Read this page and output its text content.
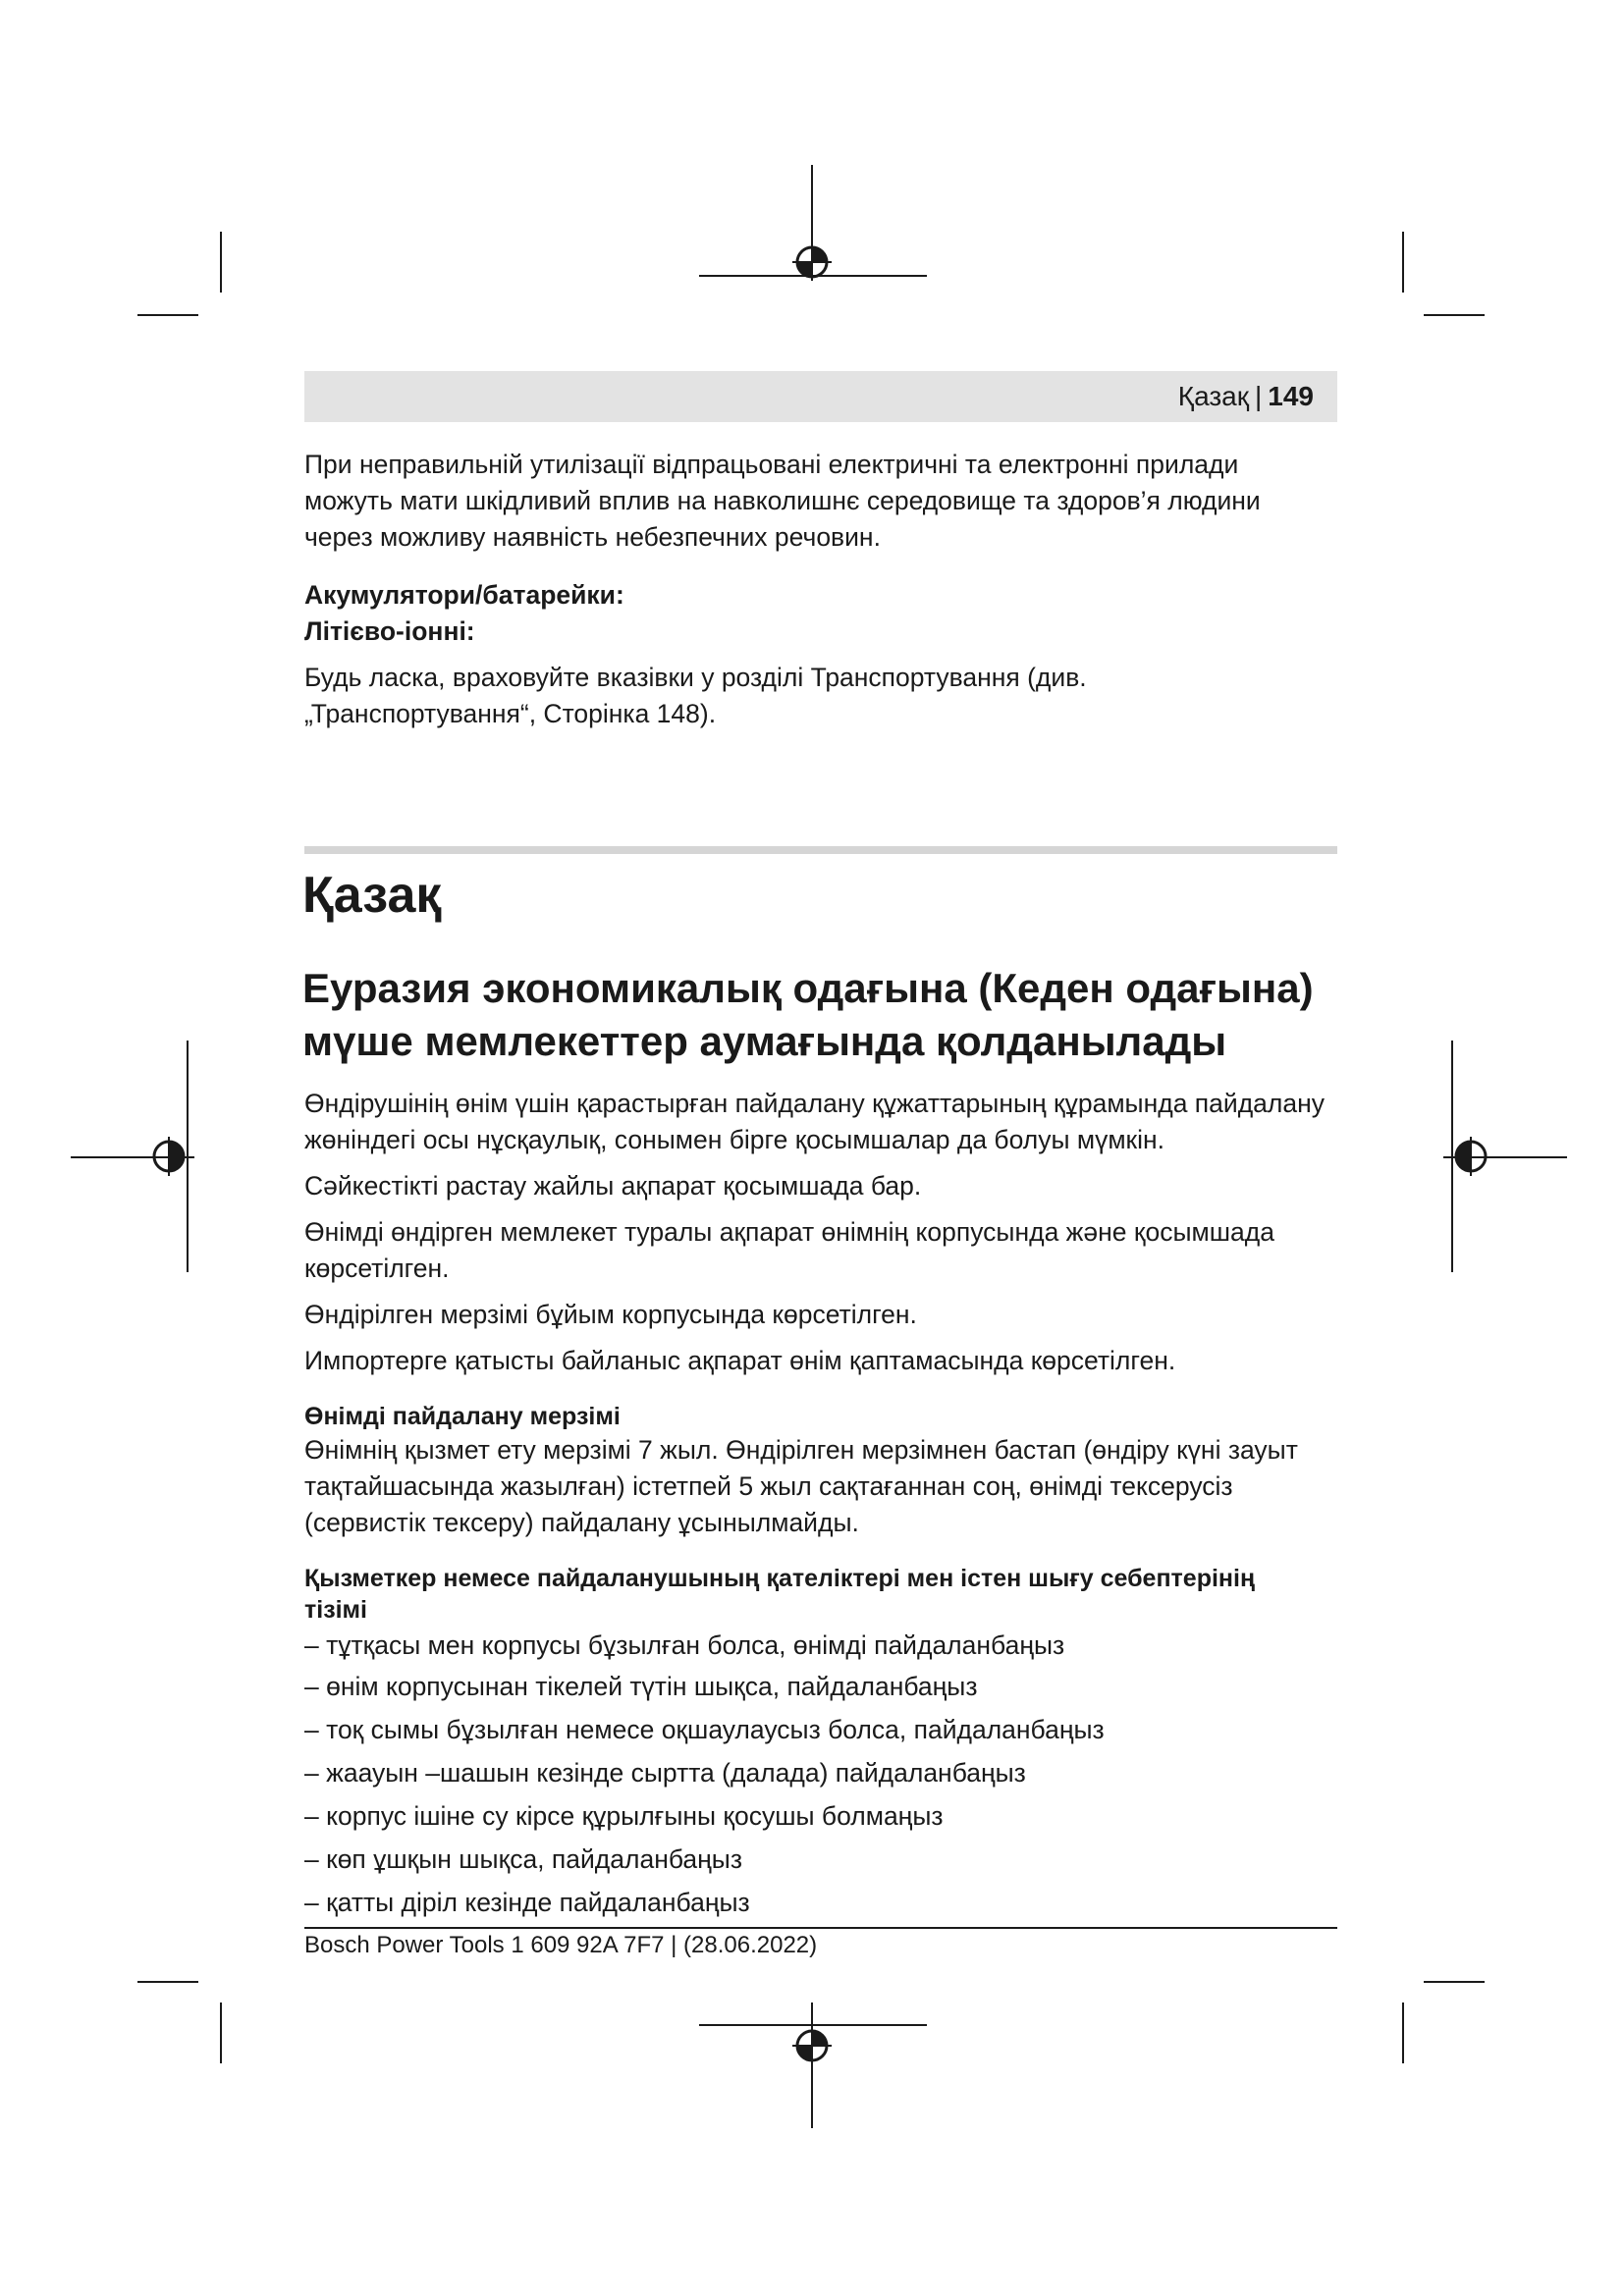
Қазақ | 149

При неправильній утилізації відпрацьовані електричні та електронні прилади

можуть мати шкідливий вплив на навколишнє середовище та здоров’я людини

через можливу наявність небезпечних речовин.

Акумулятори/батарейки:

Літієво-іонні:

Будь ласка, враховуйте вказівки у розділі Транспортування (див.

„Транспортування“, Сторінка 148).

Қазақ
Еуразия экономикалық одағына (Кеден одағына)
мүше мемлекеттер аумағында қолданылады

Өндірушінің өнім үшін қарастырған пайдалану құжаттарының құрамында пайдалану

жөніндегі осы нұсқаулық, сонымен бірге қосымшалар да болуы мүмкін.

Сәйкестікті растау жайлы ақпарат қосымшада бар.

Өнімді өндірген мемлекет туралы ақпарат өнімнің корпусында және қосымшада

көрсетілген.

Өндірілген мерзімі бұйым корпусында көрсетілген.

Импортерге қатысты байланыс ақпарат өнім қаптамасында көрсетілген.

Өнімді пайдалану мерзімі

Өнімнің қызмет ету мерзімі 7 жыл. Өндірілген мерзімнен бастап (өндіру күні зауыт

тақтайшасында жазылған) істетпей 5 жыл сақтағаннан соң, өнімді тексерусіз

(сервистік тексеру) пайдалану ұсынылмайды.

Қызметкер немесе пайдаланушының қателіктері мен істен шығу себептерінің

тізімі

– тұтқасы мен корпусы бұзылған болса, өнімді пайдаланбаңыз

– өнім корпусынан тікелей түтін шықса, пайдаланбаңыз

– тоқ сымы бұзылған немесе оқшаулаусыз болса, пайдаланбаңыз

– жаауын –шашын кезінде сыртта (далада) пайдаланбаңыз

– корпус ішіне су кірсе құрылғыны қосушы болмаңыз

– көп ұшқын шықса, пайдаланбаңыз

– қатты діріл кезінде пайдаланбаңыз

Bosch Power Tools 1 609 92A 7F7 | (28.06.2022)
